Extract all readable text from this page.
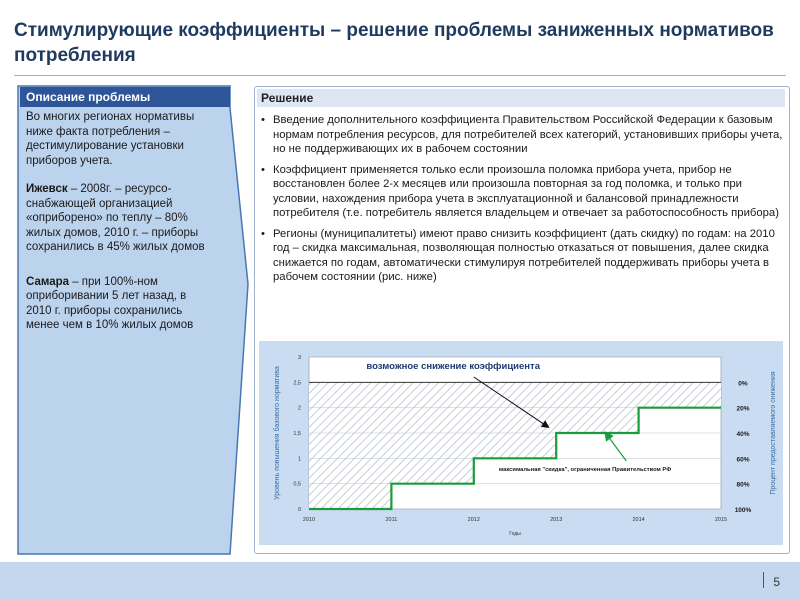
Стимулирующие коэффициенты – решение проблемы заниженных нормативов потребления
Описание проблемы

Во многих регионах нормативы ниже факта потребления – дестимулирование установки приборов учета.

Ижевск – 2008г. – ресурсо-снабжающей организацией «оприборено» по теплу – 80% жилых домов, 2010 г. – приборы сохранились в 45% жилых домов

Самара – при 100%-ном оприборивании 5 лет назад, в 2010 г. приборы сохранились менее чем в 10% жилых домов

Решение
• Введение дополнительного коэффициента Правительством Российской Федерации к базовым нормам потребления ресурсов, для потребителей всех категорий, установивших приборы учета, но не поддерживающих их в рабочем состоянии
• Коэффициент применяется только если произошла поломка прибора учета, прибор не восстановлен более 2-х месяцев или произошла повторная за год поломка, и только при условии, нахождения прибора учета в эксплуатационной и балансовой принадлежности потребителя (т.е. потребитель является владельцем и отвечает за работоспособность прибора)
• Регионы (муниципалитеты) имеют право снизить коэффициент (дать скидку) по годам: на 2010 год – скидка максимальная, позволяющая полностью отказаться от повышения, далее скидка снижается по годам, автоматически стимулируя потребителей поддерживать приборы учета в рабочем состоянии (рис. ниже)
0
0,5
1
1,5
2
2,5
3
2010	2011	2012	2013	2014	2015
Годы
Уровень повышения базового норматива	Процент предоставляемого снижения
0%
20%
40%
60%
80%
100%
возможное снижение коэффициента
максимальная "скидка", ограниченная Правительством РФ
5
